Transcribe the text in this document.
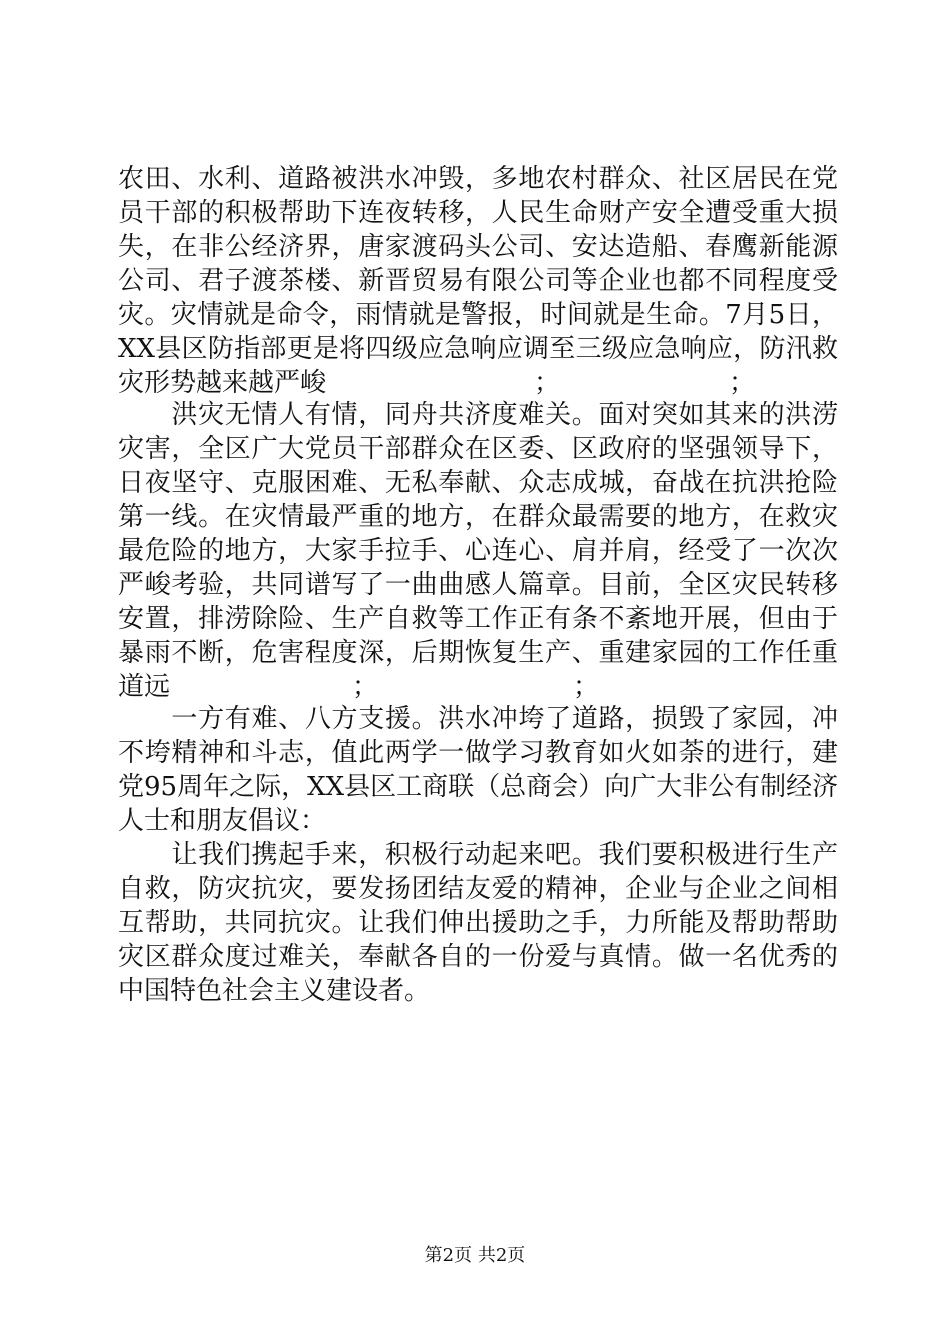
农田、水利、道路被洪水冲毁，多地农村群众、社区居民在党
员干部的积极帮助下连夜转移，人民生命财产安全遭受重大损
失，在非公经济界，唐家渡码头公司、安达造船、春鹰新能源
公司、君子渡茶楼、新晋贸易有限公司等企业也都不同程度受
灾。灾情就是命令，雨情就是警报，时间就是生命。7月5日，
XX县区防指部更是将四级应急响应调至三级应急响应，防汛救
灾形势越来越严峻　　　　　　　　；　　　　　　　；
　　洪灾无情人有情，同舟共济度难关。面对突如其来的洪涝
灾害，全区广大党员干部群众在区委、区政府的坚强领导下，
日夜坚守、克服困难、无私奉献、众志成城，奋战在抗洪抢险
第一线。在灾情最严重的地方，在群众最需要的地方，在救灾
最危险的地方，大家手拉手、心连心、肩并肩，经受了一次次
严峻考验，共同谱写了一曲曲感人篇章。目前，全区灾民转移
安置，排涝除险、生产自救等工作正有条不紊地开展，但由于
暴雨不断，危害程度深，后期恢复生产、重建家园的工作任重
道远　　　　　　　；　　　　　　　　；
　　一方有难、八方支援。洪水冲垮了道路，损毁了家园，冲
不垮精神和斗志，值此两学一做学习教育如火如荼的进行，建
党95周年之际，XX县区工商联（总商会）向广大非公有制经济
人士和朋友倡议：
　　让我们携起手来，积极行动起来吧。我们要积极进行生产
自救，防灾抗灾，要发扬团结友爱的精神，企业与企业之间相
互帮助，共同抗灾。让我们伸出援助之手，力所能及帮助帮助
灾区群众度过难关，奉献各自的一份爱与真情。做一名优秀的
中国特色社会主义建设者。
第2页 共2页
